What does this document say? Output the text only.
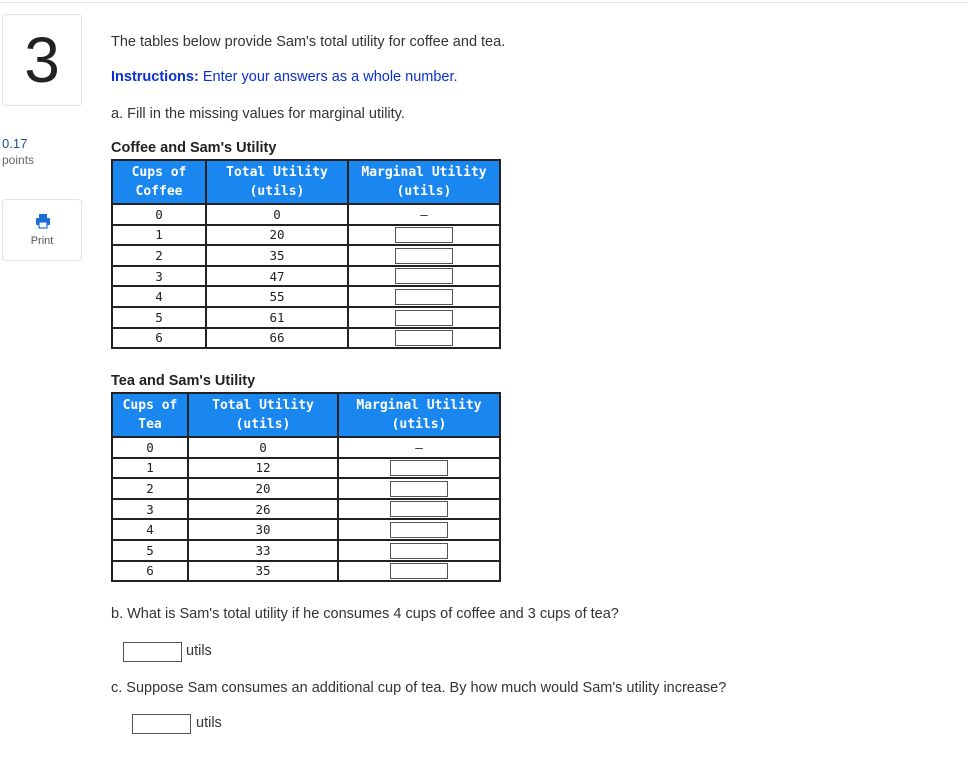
3
0.17
points
Print
The tables below provide Sam's total utility for coffee and tea.
Instructions: Enter your answers as a whole number.
a. Fill in the missing values for marginal utility.
Coffee and Sam's Utility
Cups of
Coffee	Total Utility
(utils)	Marginal Utility
(utils)
0	0	—
1	20	
2	35	
3	47	
4	55	
5	61	
6	66	
Tea and Sam's Utility
Cups of
Tea	Total Utility
(utils)	Marginal Utility
(utils)
0	0	—
1	12	
2	20	
3	26	
4	30	
5	33	
6	35	
b. What is Sam's total utility if he consumes 4 cups of coffee and 3 cups of tea?
utils
c. Suppose Sam consumes an additional cup of tea. By how much would Sam's utility increase?
utils
